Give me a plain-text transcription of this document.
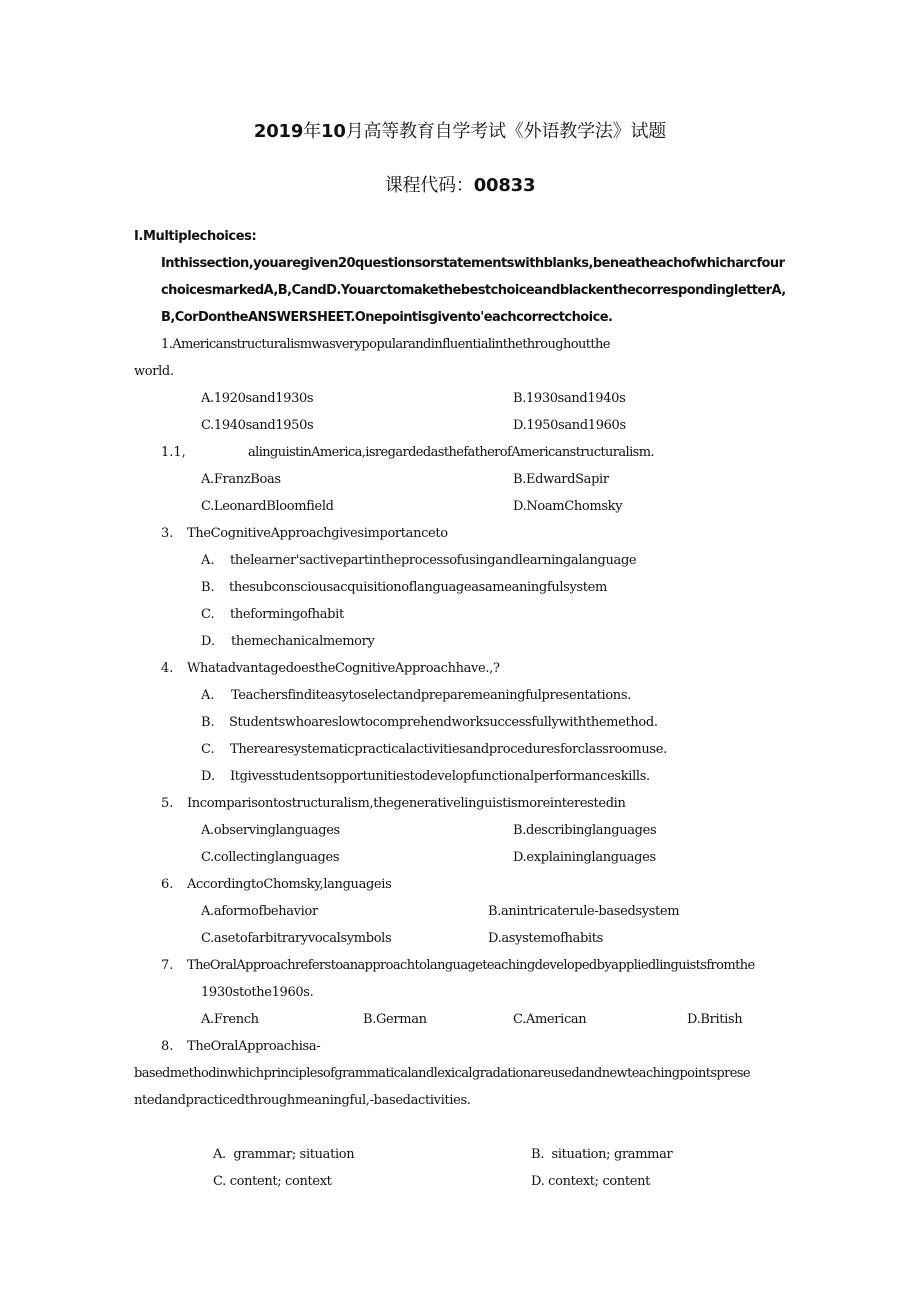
2019年10月高等教育自学考试《外语教学法》试题
课程代码：00833
I.Multiplechoices:
Inthissection,youaregiven20questionsorstatementswithblanks,beneatheachofwhicharcfour
choicesmarkedA,B,CandD.YouarctomakethebestchoiceandblackenthecorrespondingletterA,
B,CorDontheANSWERSHEET.Onepointisgivento'eachcorrectchoice.
1.Americanstructuralismwasverypopularandinfluentialinthethroughoutthe
world.
A.1920sand1930s	B.1930sand1940s
C.1940sand1950s	D.1950sand1960s
1.1,	alinguistinAmerica,isregardedasthefatherofAmericanstructuralism.
A.FranzBoas	B.EdwardSapir
C.LeonardBloomfield	D.NoamChomsky
3. TheCognitiveApproachgivesimportanceto
A. thelearner'sactivepartintheprocessofusingandlearningalanguage
B. thesubconsciousacquisitionoflanguageasameaningfulsystem
C. theformingofhabit
D. themechanicalmemory
4. WhatadvantagedoestheCognitiveApproachhave.,?
A. Teachersfinditeasytoselectandpreparemeaningfulpresentations.
B. Studentswhoareslowtocomprehendworksuccessfullywiththemethod.
C. Therearesystematicpracticalactivitiesandproceduresforclassroomuse.
D. Itgivesstudentsopportunitiestodevelopfunctionalperformanceskills.
5. Incomparisontostructuralism,thegenerativelinguistismoreinterestedin
A.observinglanguages	B.describinglanguages
C.collectinglanguages	D.explaininglanguages
6. AccordingtoChomsky,languageis
A.aformofbehavior	B.anintricaterule-basedsystem
C.asetofarbitraryvocalsymbols	D.asystemofhabits
7. TheOralApproachreferstoanapproachtolanguageteachingdevelopedbyappliedlinguistsfromthe
1930stothe1960s.
A.French	B.German	C.American	D.British
8. TheOralApproachisa-
basedmethodinwhichprinciplesofgrammaticalandlexicalgradationareusedandnewteachingpointsprese
ntedandpracticedthroughmeaningful,-basedactivities.
A.  grammar; situation	B.  situation; grammar
C. content; context	D. context; content
